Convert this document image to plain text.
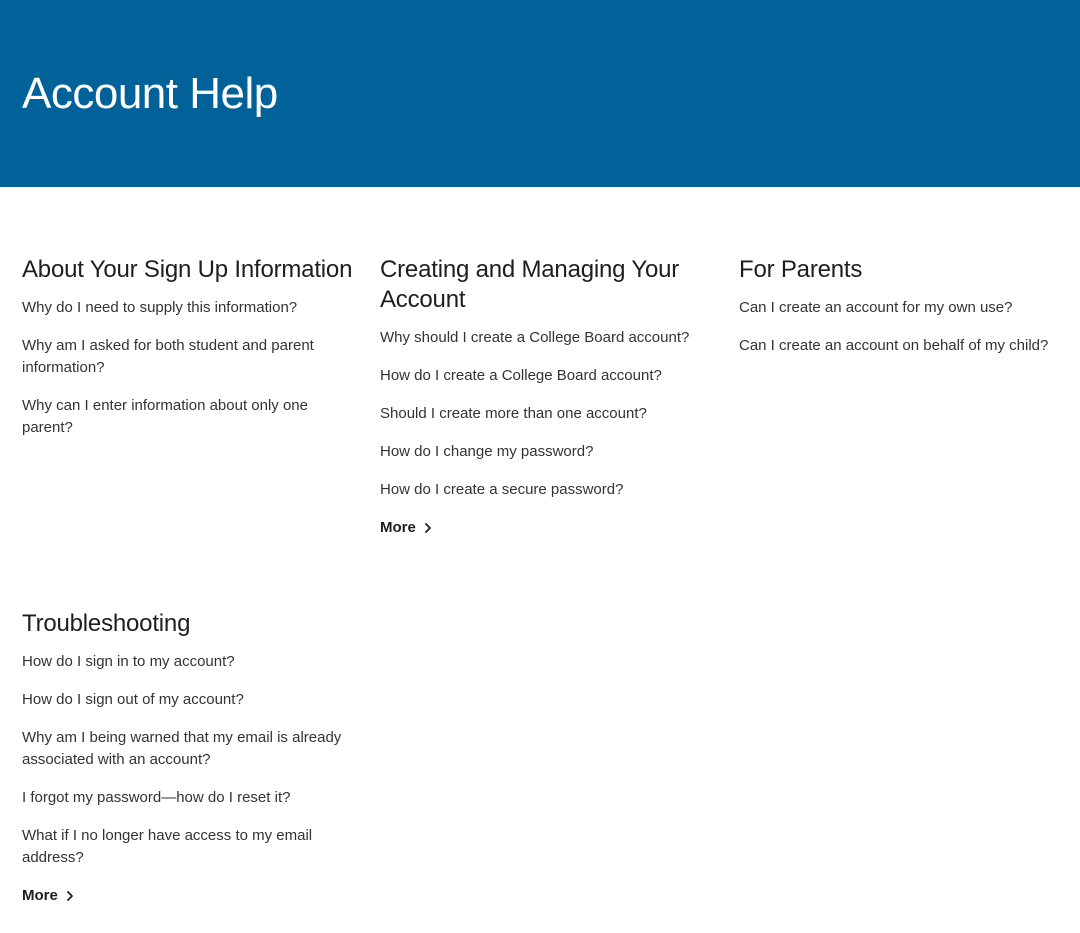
Account Help
About Your Sign Up Information
Why do I need to supply this information?
Why am I asked for both student and parent information?
Why can I enter information about only one parent?
Creating and Managing Your Account
Why should I create a College Board account?
How do I create a College Board account?
Should I create more than one account?
How do I change my password?
How do I create a secure password?
More
For Parents
Can I create an account for my own use?
Can I create an account on behalf of my child?
Troubleshooting
How do I sign in to my account?
How do I sign out of my account?
Why am I being warned that my email is already associated with an account?
I forgot my password—how do I reset it?
What if I no longer have access to my email address?
More
